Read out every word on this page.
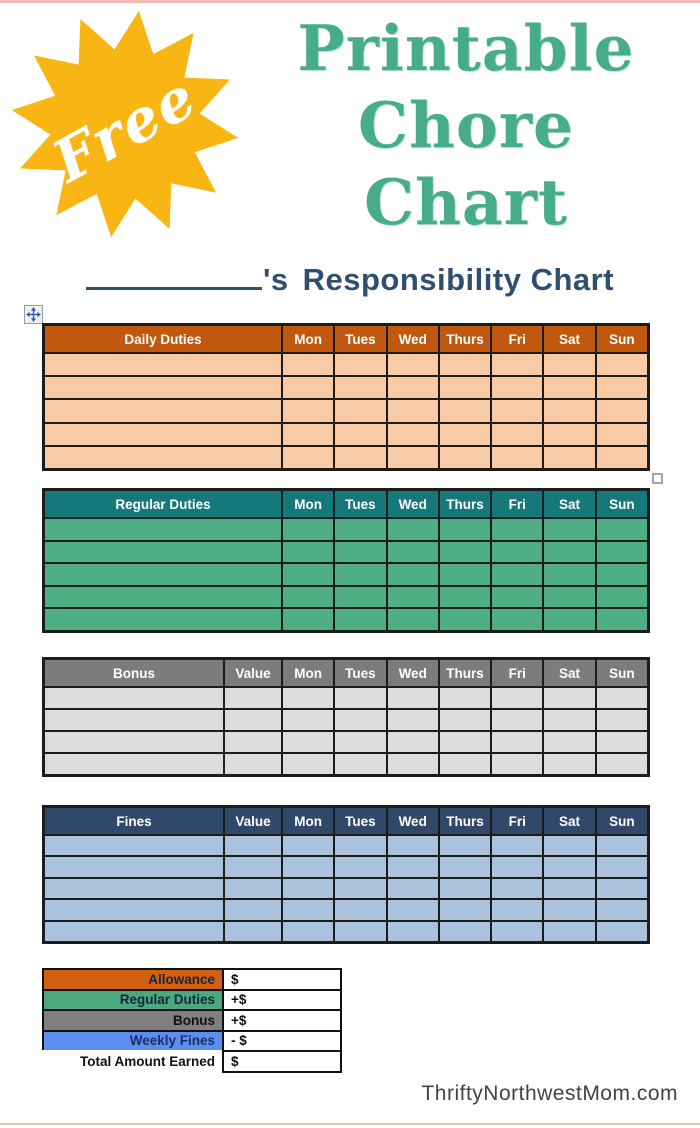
Free
Printable
Chore
Chart
's Responsibility Chart
Daily Duties	Mon	Tues	Wed	Thurs	Fri	Sat	Sun
Regular Duties	Mon	Tues	Wed	Thurs	Fri	Sat	Sun
Bonus	Value	Mon	Tues	Wed	Thurs	Fri	Sat	Sun
Fines	Value	Mon	Tues	Wed	Thurs	Fri	Sat	Sun
Allowance	$
Regular Duties	+$
Bonus	+$
Weekly Fines	- $
Total Amount Earned	$
ThriftyNorthwestMom.com
